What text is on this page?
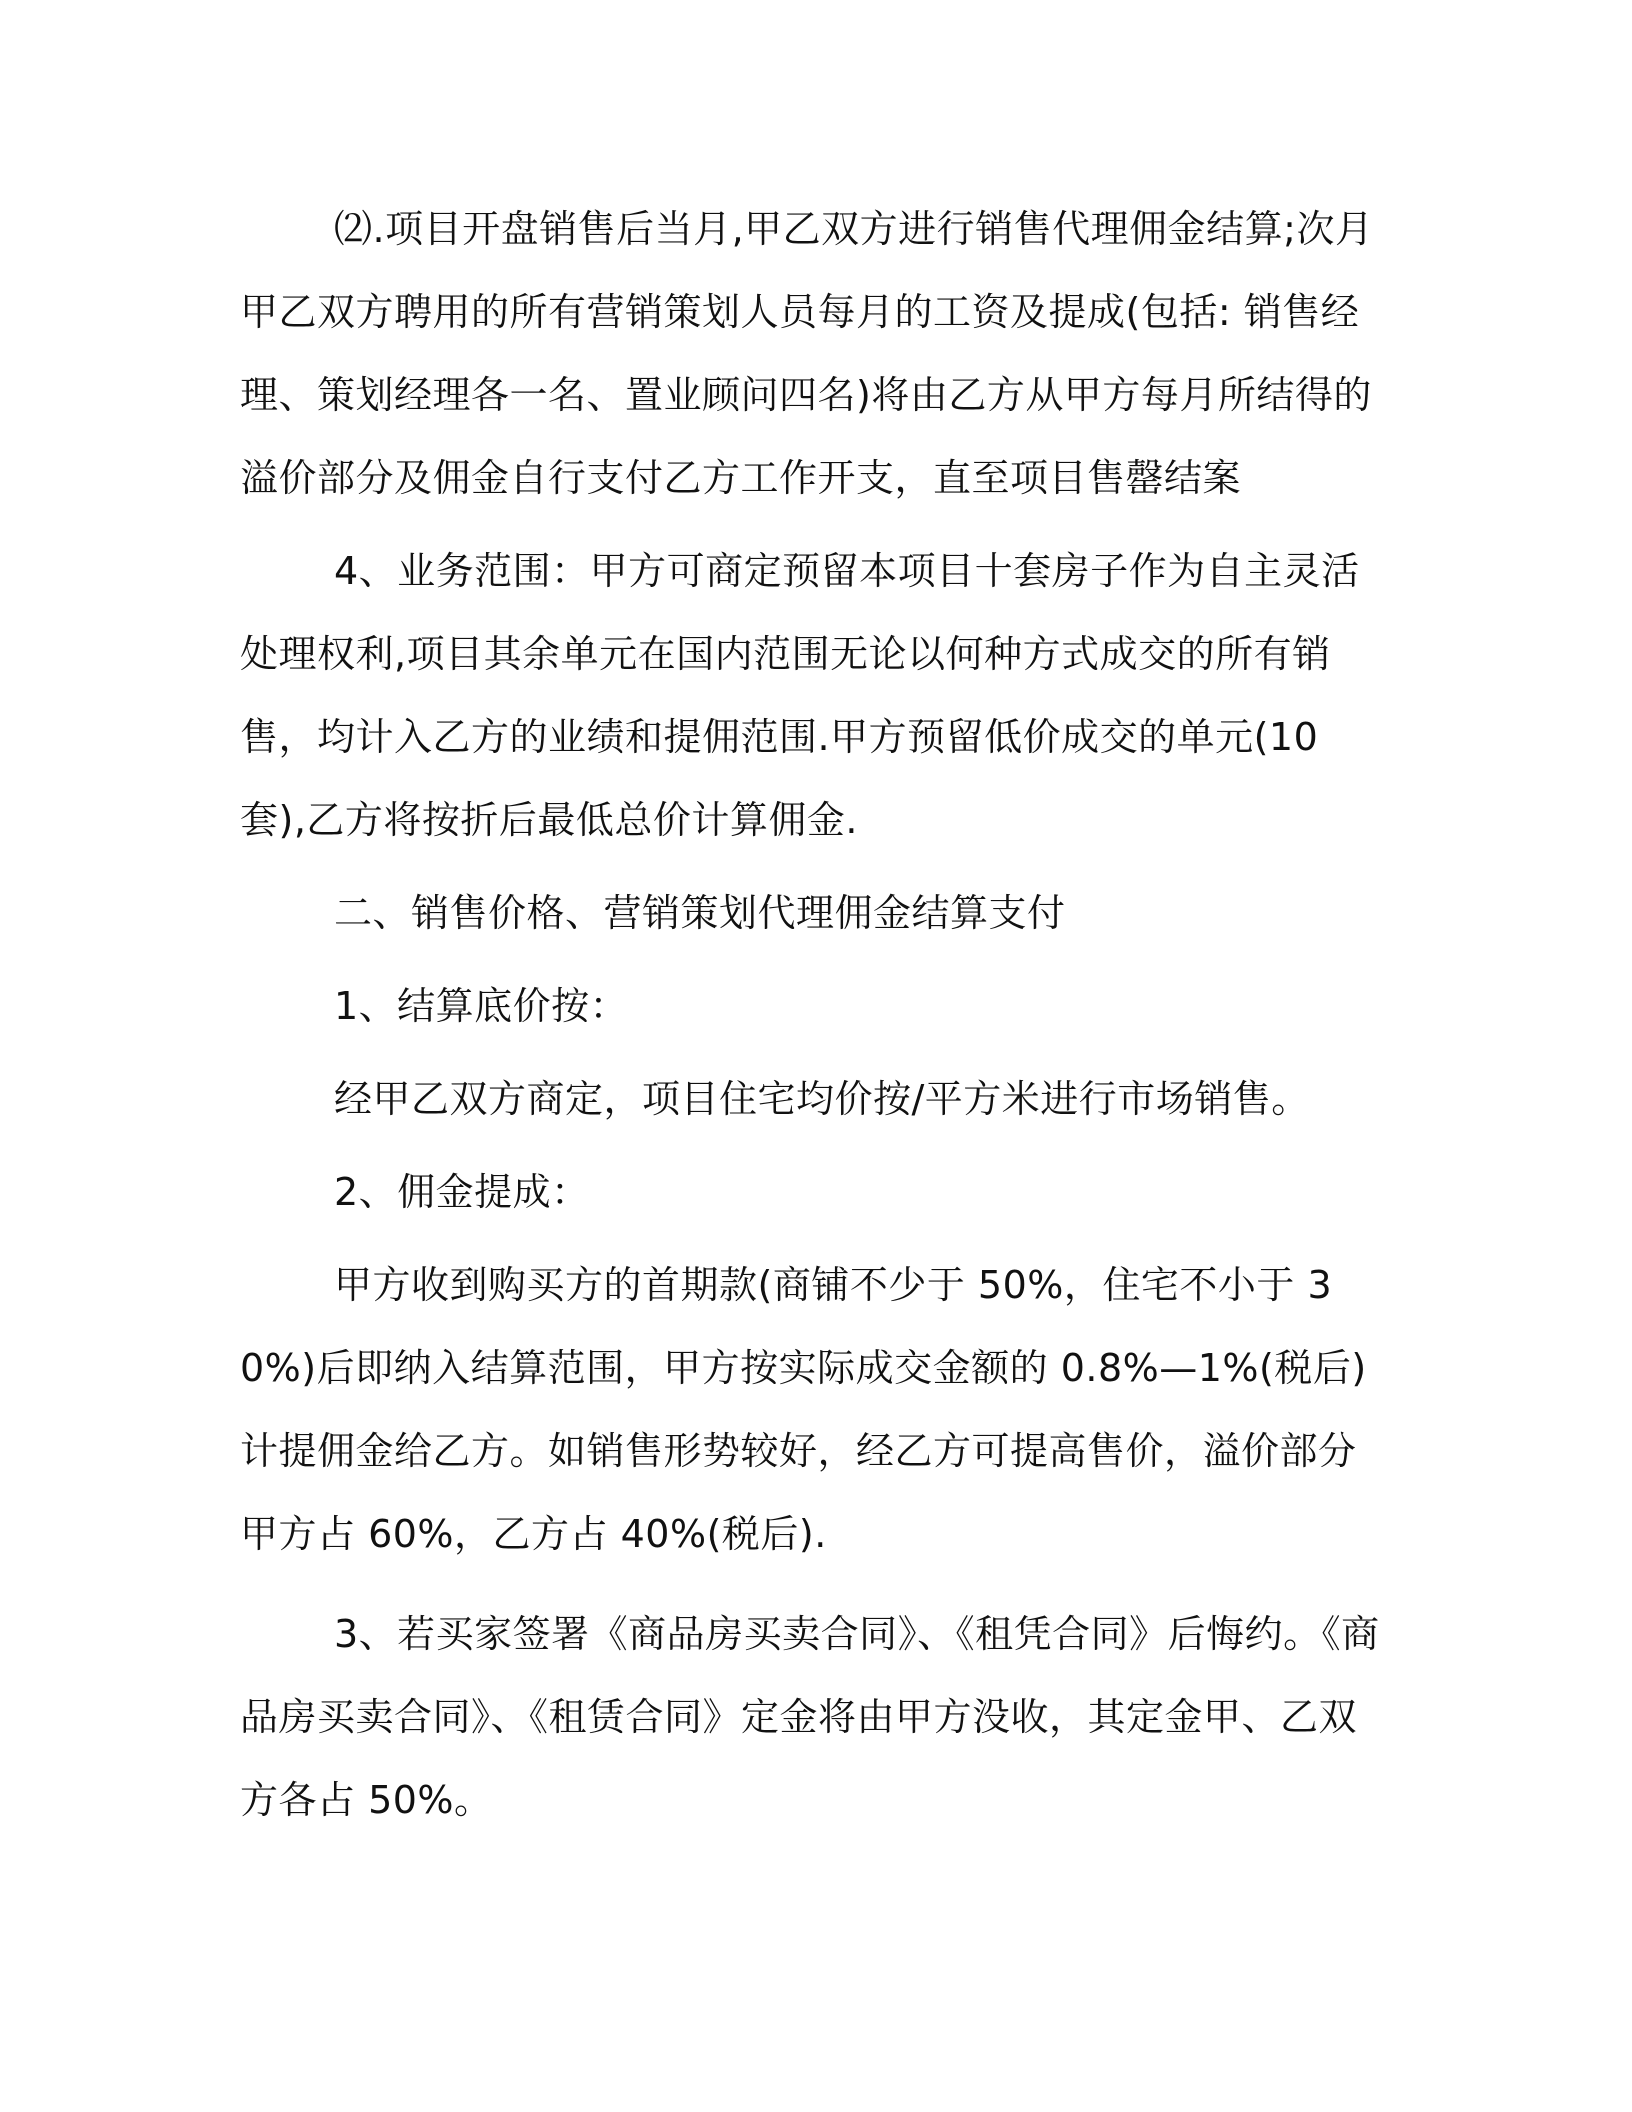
⑵.项目开盘销售后当月,甲乙双方进行销售代理佣金结算;次月甲乙双方聘用的所有营销策划人员每月的工资及提成(包括: 销售经理、策划经理各一名、置业顾问四名)将由乙方从甲方每月所结得的溢价部分及佣金自行支付乙方工作开支，直至项目售罄结案

4、业务范围：甲方可商定预留本项目十套房子作为自主灵活处理权利,项目其余单元在国内范围无论以何种方式成交的所有销售，均计入乙方的业绩和提佣范围.甲方预留低价成交的单元(10 套),乙方将按折后最低总价计算佣金.

二、销售价格、营销策划代理佣金结算支付

1、结算底价按：

经甲乙双方商定，项目住宅均价按/平方米进行市场销售。

2、佣金提成：

甲方收到购买方的首期款(商铺不少于 50%，住宅不小于 30%)后即纳入结算范围，甲方按实际成交金额的 0.8%—1%(税后)计提佣金给乙方。如销售形势较好，经乙方可提高售价，溢价部分甲方占 60%，乙方占 40%(税后).

3、若买家签署《商品房买卖合同》、《租凭合同》后悔约。《商品房买卖合同》、《租赁合同》定金将由甲方没收，其定金甲、乙双方各占 50%。
